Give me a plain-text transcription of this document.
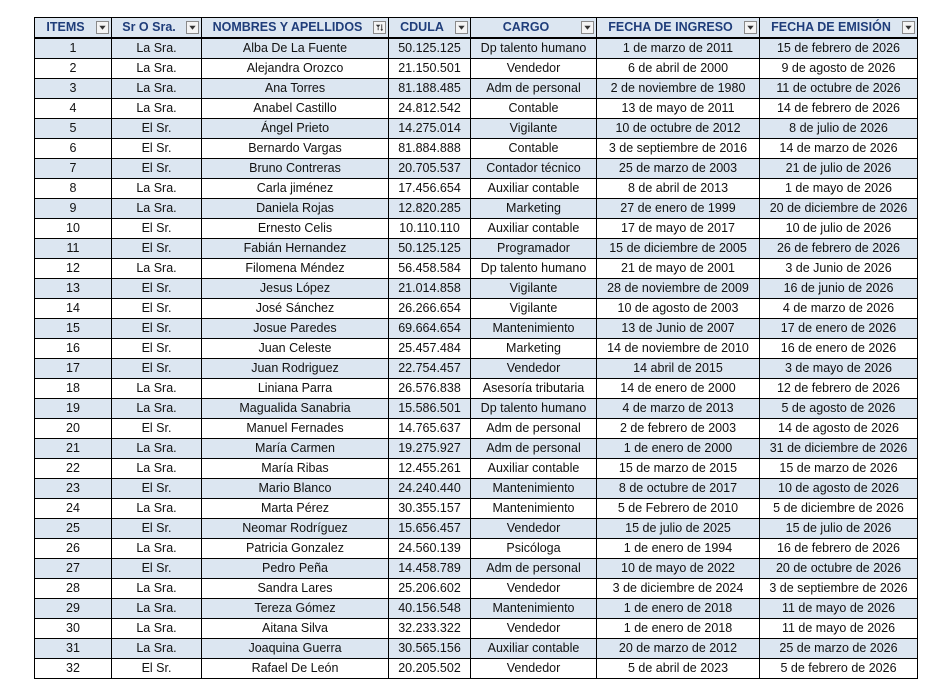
ITEMS	Sr O Sra.	NOMBRES Y APELLIDOS	CDULA	CARGO	FECHA DE INGRESO	FECHA DE EMISIÓN

1	La Sra.	Alba De La Fuente	50.125.125	Dp talento humano	1 de marzo de 2011	15 de febrero de 2026
2	La Sra.	Alejandra Orozco	21.150.501	Vendedor	6 de abril de 2000	9 de agosto de 2026
3	La Sra.	Ana Torres	81.188.485	Adm de personal	2 de noviembre de 1980	11 de octubre de 2026
4	La Sra.	Anabel Castillo	24.812.542	Contable	13 de mayo de 2011	14 de febrero de 2026
5	El Sr.	Ángel Prieto	14.275.014	Vigilante	10 de octubre de 2012	8 de julio de 2026
6	El Sr.	Bernardo Vargas	81.884.888	Contable	3 de septiembre de 2016	14 de marzo de 2026
7	El Sr.	Bruno Contreras	20.705.537	Contador técnico	25 de marzo de 2003	21 de julio de 2026
8	La Sra.	Carla jiménez	17.456.654	Auxiliar contable	8 de abril de 2013	1 de mayo de 2026
9	La Sra.	Daniela Rojas	12.820.285	Marketing	27 de enero de 1999	20 de diciembre de 2026
10	El Sr.	Ernesto Celis	10.110.110	Auxiliar contable	17 de mayo de 2017	10 de julio de 2026
11	El Sr.	Fabián Hernandez	50.125.125	Programador	15 de diciembre de 2005	26 de febrero de 2026
12	La Sra.	Filomena Méndez	56.458.584	Dp talento humano	21 de mayo de 2001	3 de Junio de 2026
13	El Sr.	Jesus López	21.014.858	Vigilante	28 de noviembre de 2009	16 de junio de 2026
14	El Sr.	José Sánchez	26.266.654	Vigilante	10 de agosto de 2003	4 de marzo de 2026
15	El Sr.	Josue Paredes	69.664.654	Mantenimiento	13 de Junio de 2007	17 de enero de 2026
16	El Sr.	Juan Celeste	25.457.484	Marketing	14 de noviembre de 2010	16 de enero de 2026
17	El Sr.	Juan Rodriguez	22.754.457	Vendedor	14 abril de 2015	3 de mayo de 2026
18	La Sra.	Liniana Parra	26.576.838	Asesoría tributaria	14 de enero de 2000	12 de febrero de 2026
19	La Sra.	Magualida Sanabria	15.586.501	Dp talento humano	4 de marzo de 2013	5 de agosto de 2026
20	El Sr.	Manuel Fernades	14.765.637	Adm de personal	2 de febrero de 2003	14 de agosto de 2026
21	La Sra.	María Carmen	19.275.927	Adm de personal	1 de enero de 2000	31 de diciembre de 2026
22	La Sra.	María Ribas	12.455.261	Auxiliar contable	15 de marzo de 2015	15 de marzo de 2026
23	El Sr.	Mario Blanco	24.240.440	Mantenimiento	8 de octubre de 2017	10 de agosto de 2026
24	La Sra.	Marta Pérez	30.355.157	Mantenimiento	5 de Febrero de 2010	5 de diciembre de 2026
25	El Sr.	Neomar Rodríguez	15.656.457	Vendedor	15 de julio de 2025	15 de julio de 2026
26	La Sra.	Patricia Gonzalez	24.560.139	Psicóloga	1 de enero de 1994	16 de febrero de 2026
27	El Sr.	Pedro Peña	14.458.789	Adm de personal	10 de mayo de 2022	20 de octubre de 2026
28	La Sra.	Sandra Lares	25.206.602	Vendedor	3 de diciembre de 2024	3 de septiembre de 2026
29	La Sra.	Tereza Gómez	40.156.548	Mantenimiento	1 de enero de 2018	11 de mayo de 2026
30	La Sra.	Aitana Silva	32.233.322	Vendedor	1 de enero de 2018	11 de mayo de 2026
31	La Sra.	Joaquina Guerra	30.565.156	Auxiliar contable	20 de marzo de 2012	25 de marzo de 2026
32	El Sr.	Rafael De León	20.205.502	Vendedor	5 de abril de 2023	5 de febrero de 2026
